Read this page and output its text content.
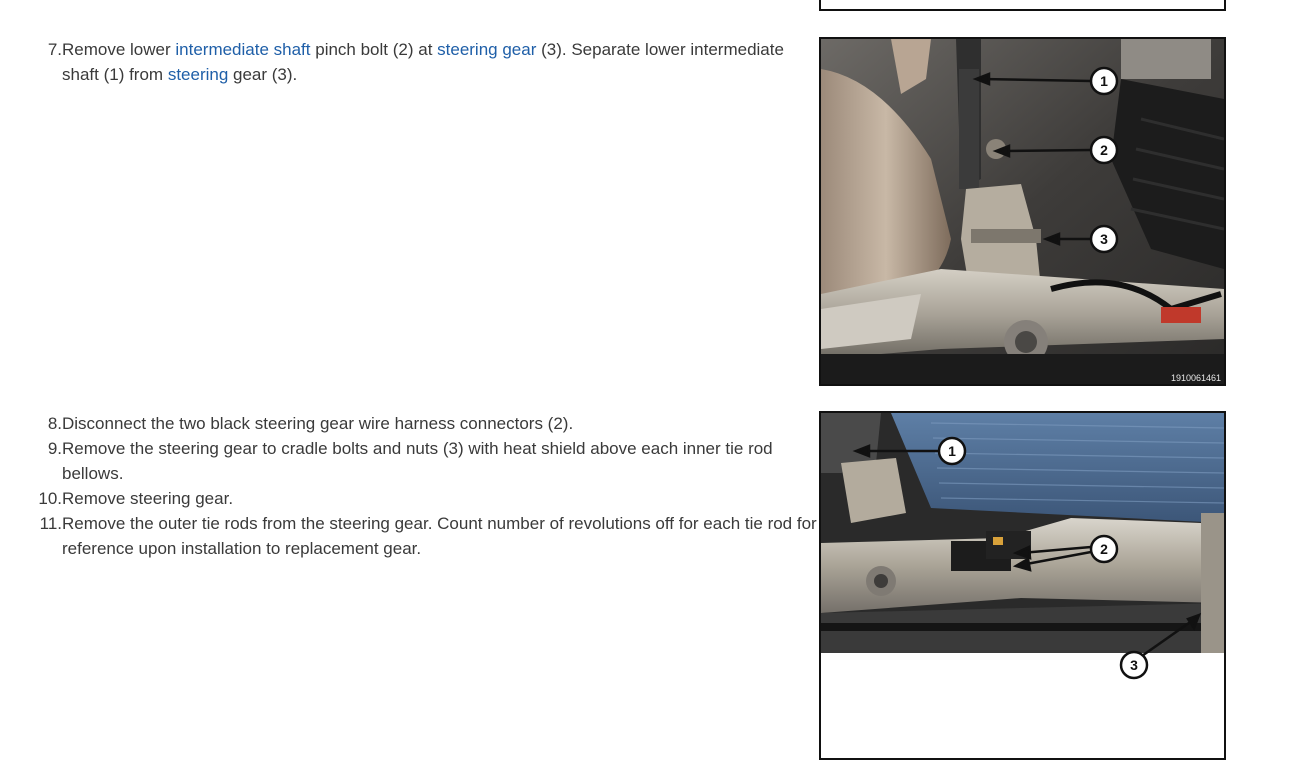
7. Remove lower intermediate shaft pinch bolt (2) at steering gear (3). Separate lower intermediate shaft (1) from steering gear (3).	1
2
3
1910061461
8. Disconnect the two black steering gear wire harness connectors (2).
9. Remove the steering gear to cradle bolts and nuts (3) with heat shield above each inner tie rod bellows.
10. Remove steering gear.
11. Remove the outer tie rods from the steering gear. Count number of revolutions off for each tie rod for reference upon installation to replacement gear.
1
2
3
